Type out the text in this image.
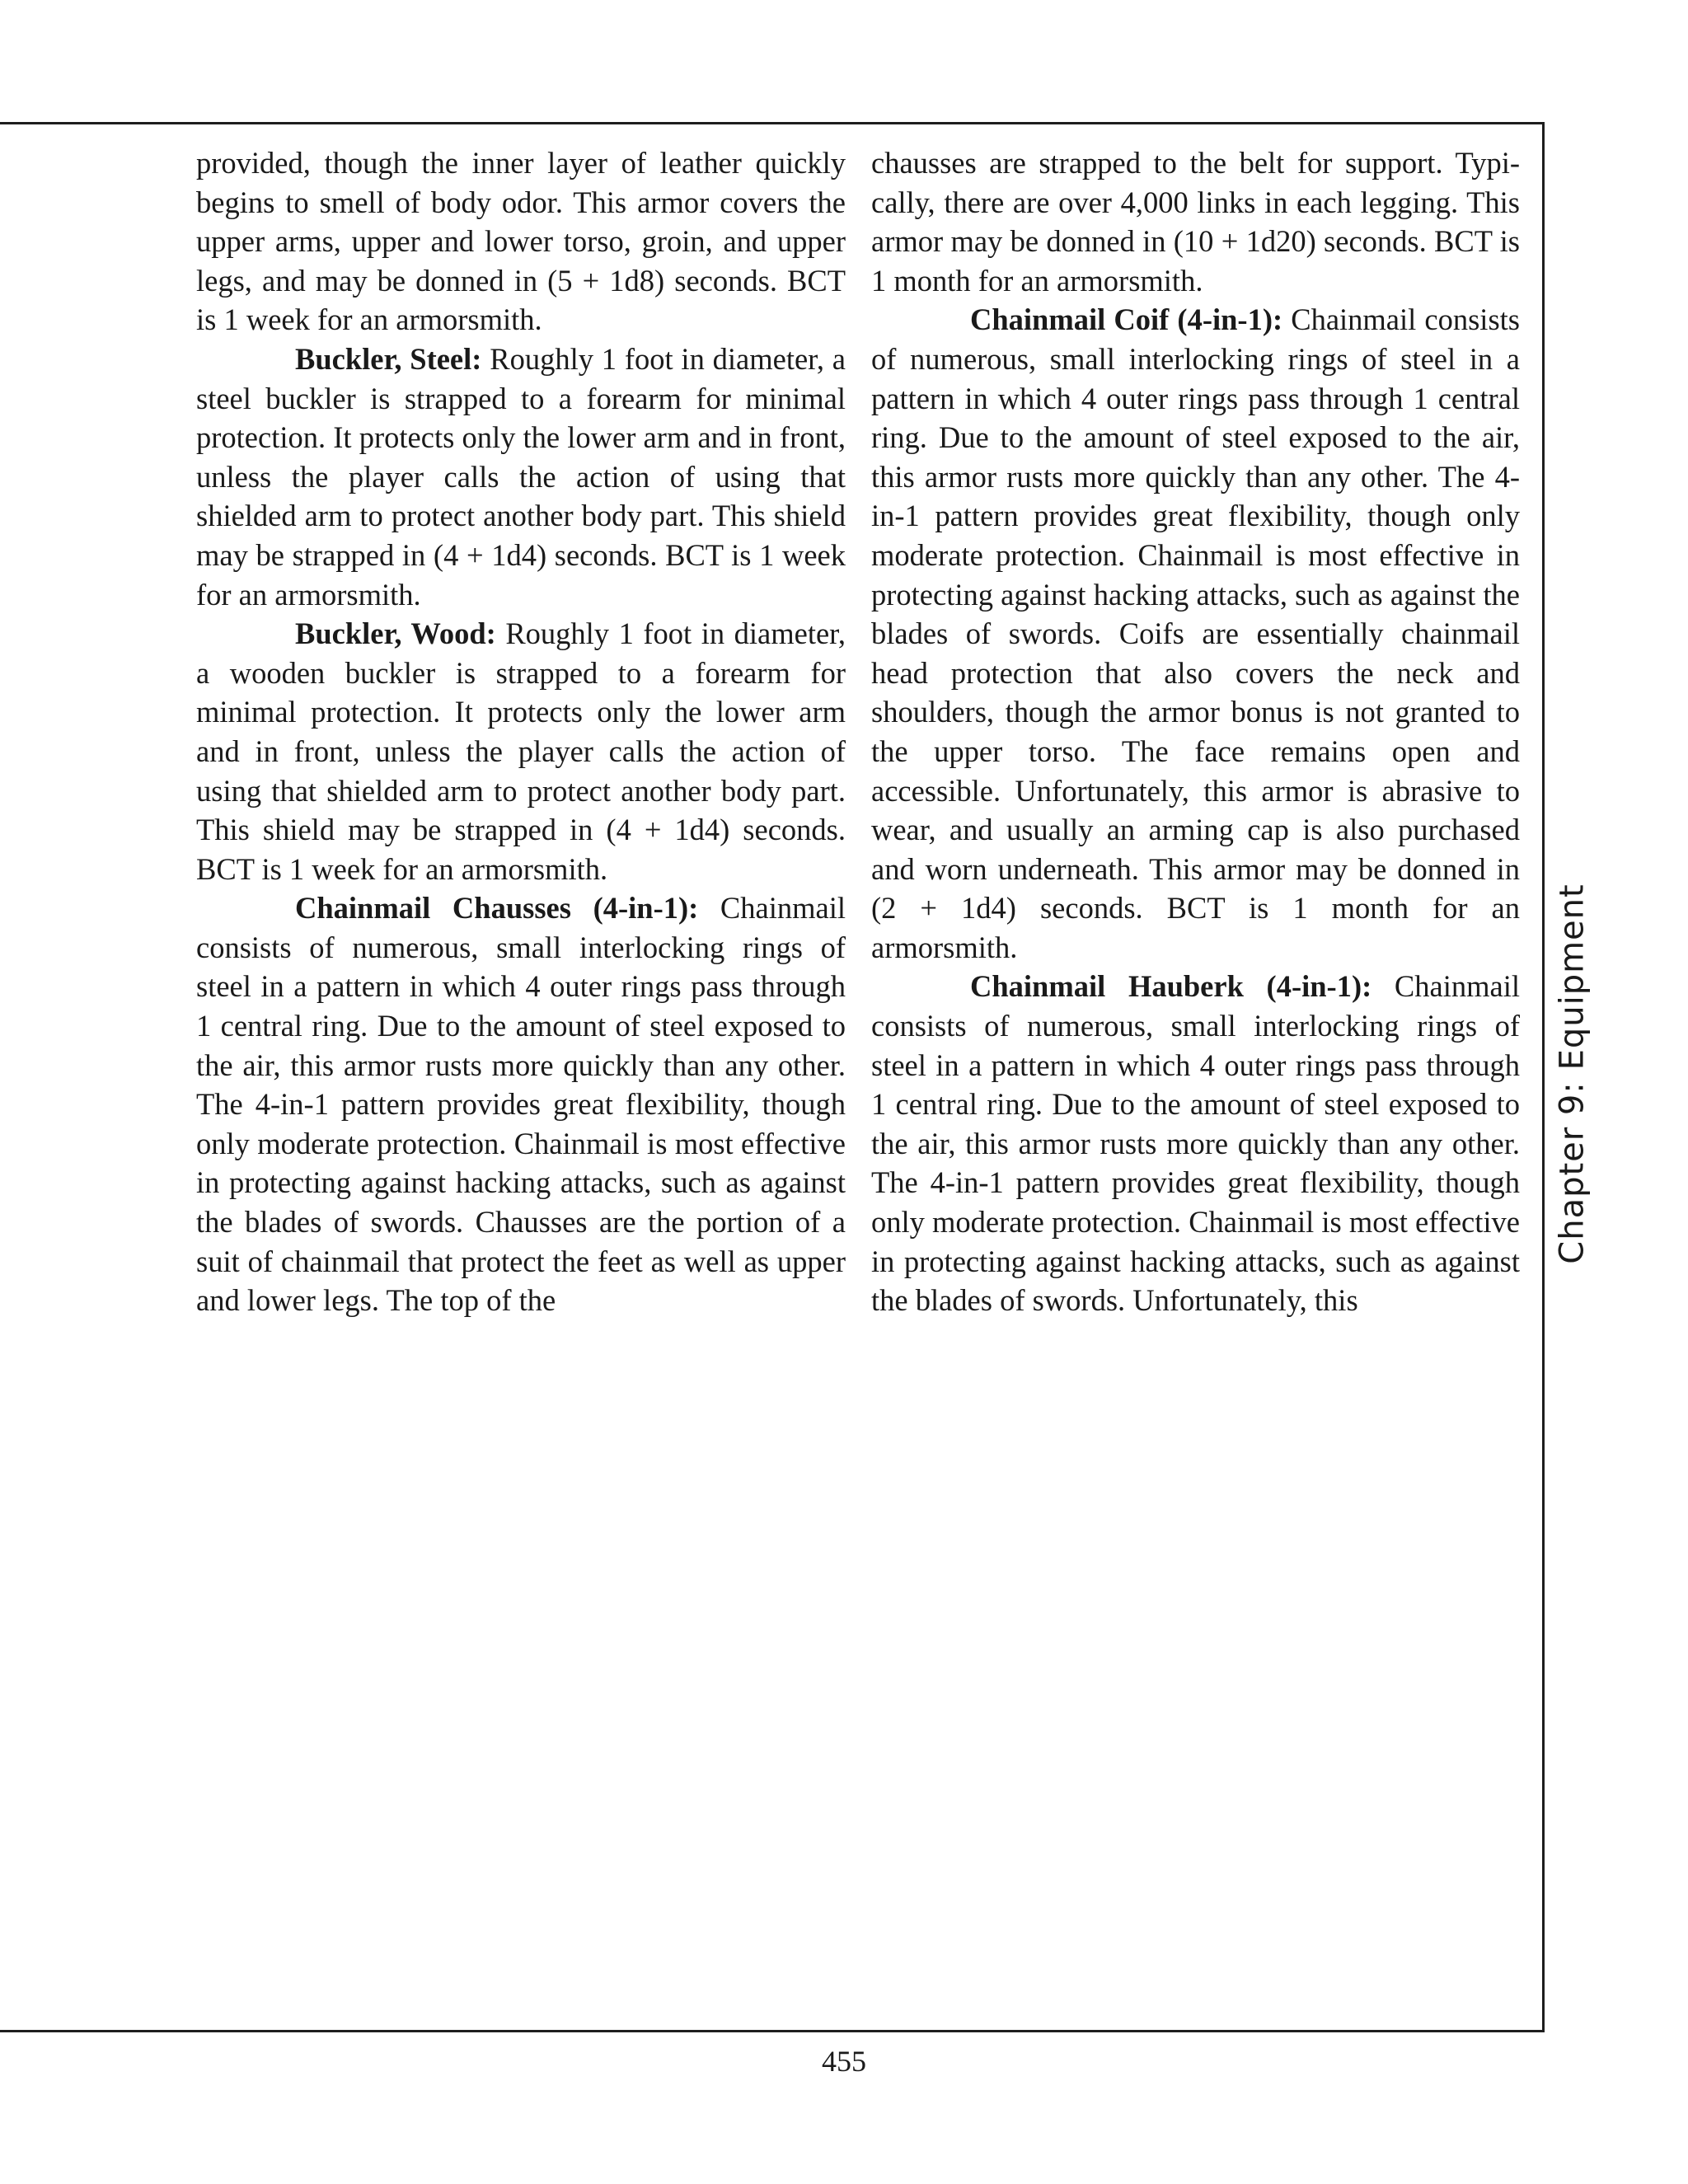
provided, though the inner layer of leather quickly begins to smell of body odor. This armor covers the upper arms, upper and lower torso, groin, and upper legs, and may be donned in (5 + 1d8) seconds. BCT is 1 week for an armorsmith.

Buckler, Steel: Roughly 1 foot in diameter, a steel buckler is strapped to a forearm for minimal protection. It protects only the lower arm and in front, unless the player calls the action of using that shielded arm to protect another body part. This shield may be strapped in (4 + 1d4) seconds. BCT is 1 week for an armorsmith.

Buckler, Wood: Roughly 1 foot in diameter, a wooden buckler is strapped to a forearm for minimal protection. It protects only the lower arm and in front, unless the player calls the action of using that shielded arm to protect another body part. This shield may be strapped in (4 + 1d4) seconds. BCT is 1 week for an armorsmith.

Chainmail Chausses (4-in-1): Chainmail consists of numerous, small interlocking rings of steel in a pattern in which 4 outer rings pass through 1 central ring. Due to the amount of steel exposed to the air, this armor rusts more quickly than any other. The 4-in-1 pattern provides great flexibility, though only moderate protection. Chainmail is most effective in protecting against hacking attacks, such as against the blades of swords. Chausses are the portion of a suit of chainmail that protect the feet as well as upper and lower legs. The top of the

chausses are strapped to the belt for support. Typically, there are over 4,000 links in each legging. This armor may be donned in (10 + 1d20) seconds. BCT is 1 month for an armorsmith.

Chainmail Coif (4-in-1): Chainmail consists of numerous, small interlocking rings of steel in a pattern in which 4 outer rings pass through 1 central ring. Due to the amount of steel exposed to the air, this armor rusts more quickly than any other. The 4-in-1 pattern provides great flexibility, though only moderate protection. Chainmail is most effective in protecting against hacking attacks, such as against the blades of swords. Coifs are essentially chainmail head protection that also covers the neck and shoulders, though the armor bonus is not granted to the upper torso. The face remains open and accessible. Unfortunately, this armor is abrasive to wear, and usually an arming cap is also purchased and worn underneath. This armor may be donned in (2 + 1d4) seconds. BCT is 1 month for an armorsmith.

Chainmail Hauberk (4-in-1): Chainmail consists of numerous, small interlocking rings of steel in a pattern in which 4 outer rings pass through 1 central ring. Due to the amount of steel exposed to the air, this armor rusts more quickly than any other. The 4-in-1 pattern provides great flexibility, though only moderate protection. Chainmail is most effective in protecting against hacking attacks, such as against the blades of swords. Unfortunately, this

Chapter 9: Equipment
455
